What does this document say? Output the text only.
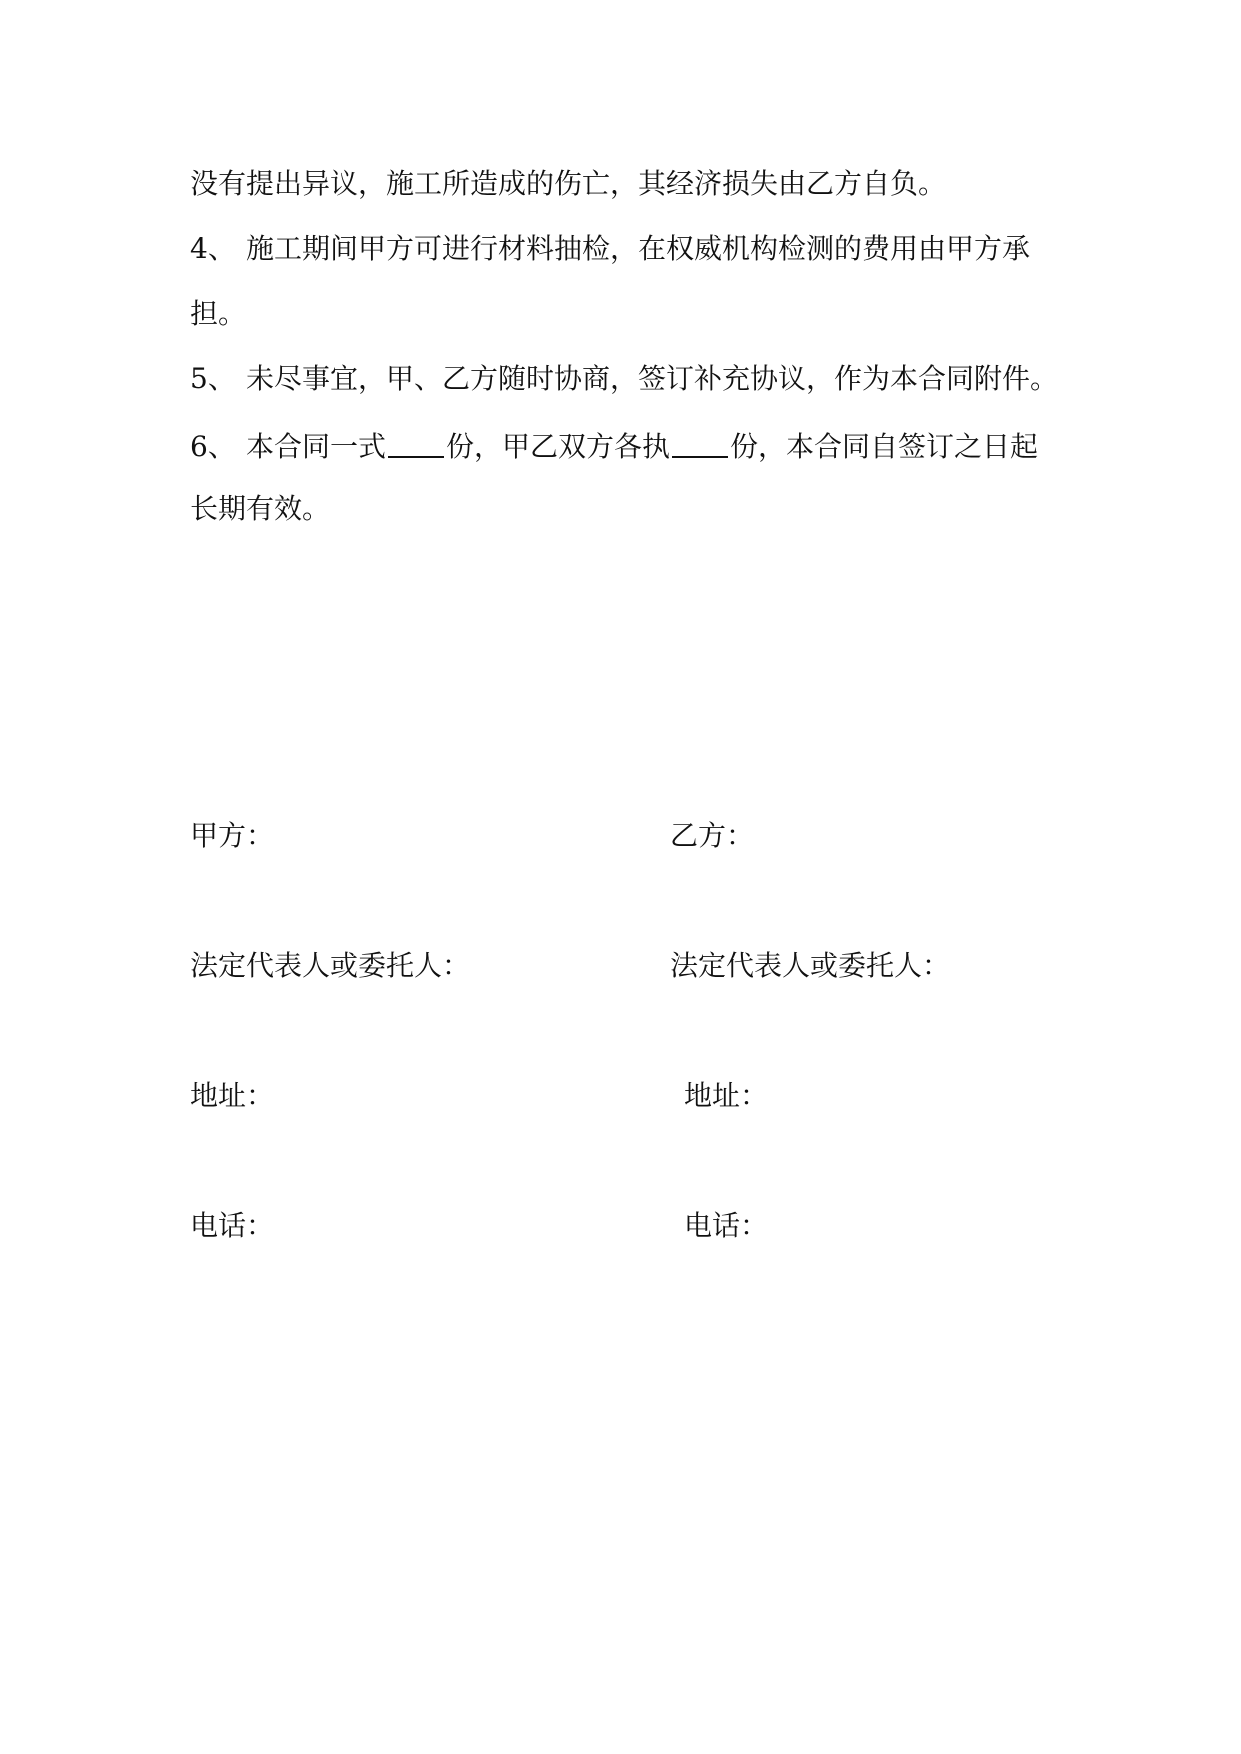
没有提出异议，施工所造成的伤亡，其经济损失由乙方自负。
4、 施工期间甲方可进行材料抽检，在权威机构检测的费用由甲方承
担。
5、 未尽事宜，甲、乙方随时协商，签订补充协议，作为本合同附件。
6、 本合同一式 份，甲乙双方各执 份，本合同自签订之日起
长期有效。
甲方：
法定代表人或委托人：
地址：
电话：
乙方：
法定代表人或委托人：
地址：
电话：
